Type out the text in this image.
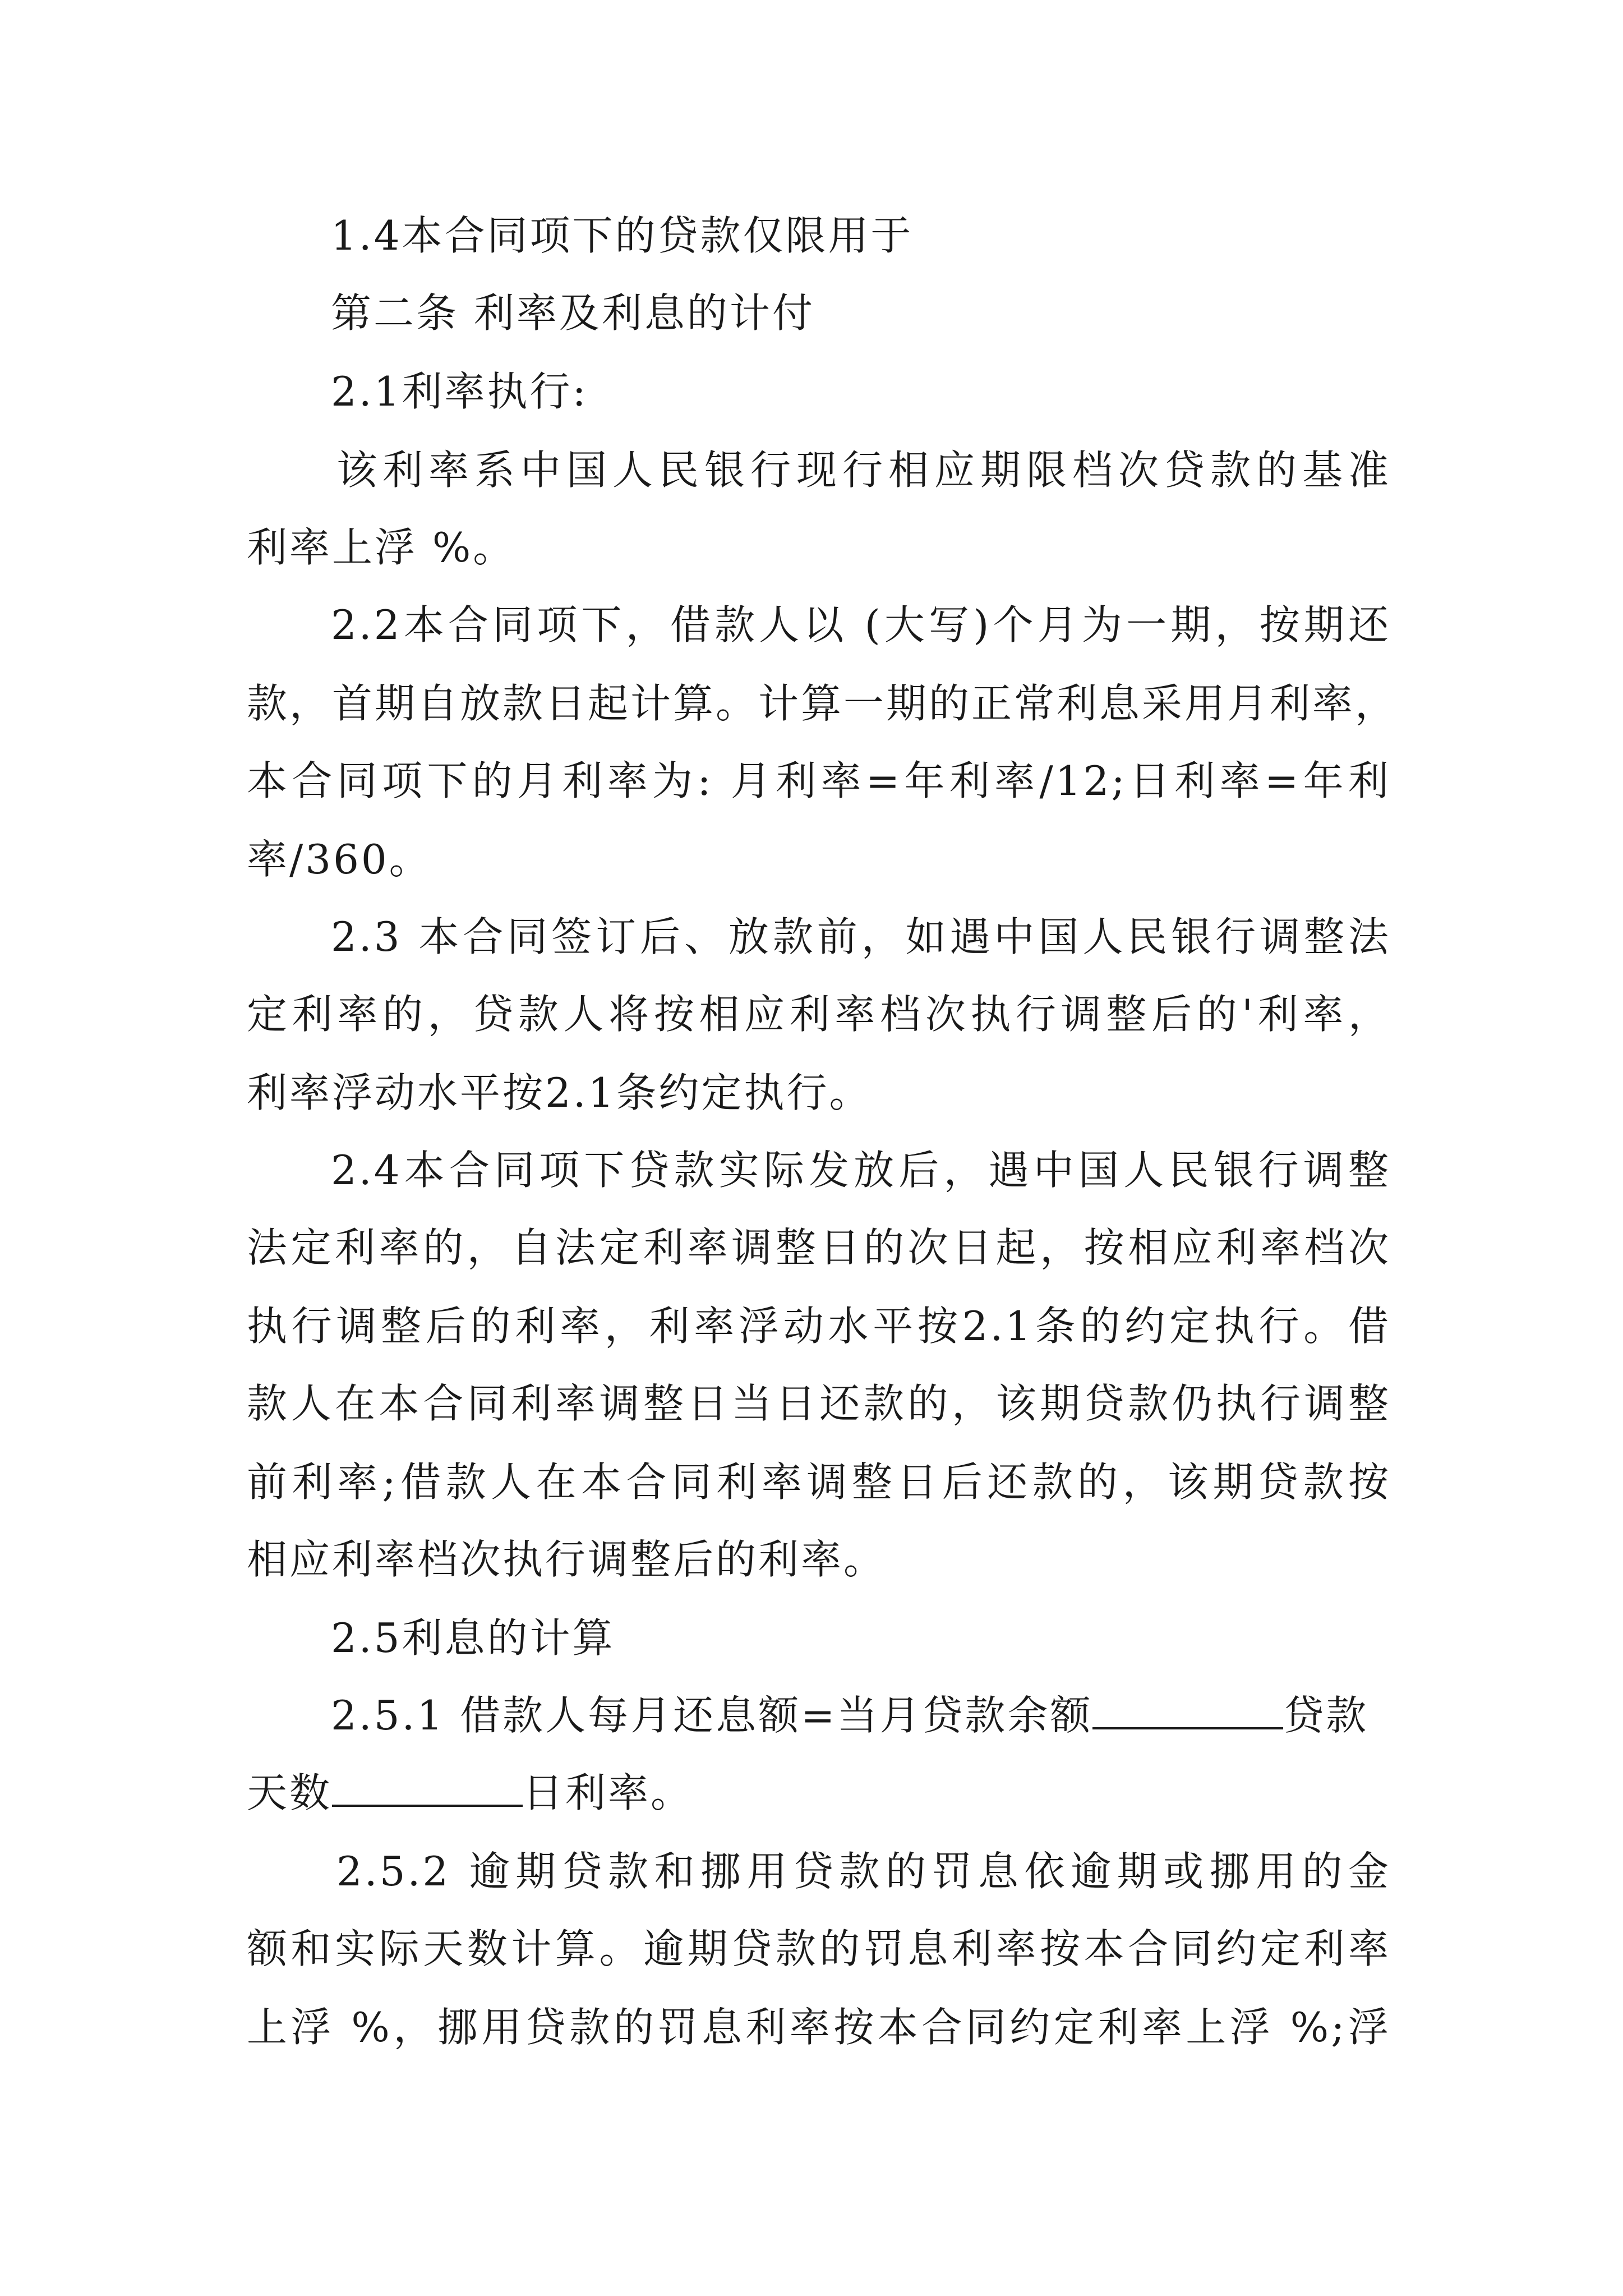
1.4本合同项下的贷款仅限用于
第二条 利率及利息的计付
2.1利率执行:
该利率系中国人民银行现行相应期限档次贷款的基准
利率上浮 %。
2.2本合同项下，借款人以 (大写)个月为一期，按期还
款，首期自放款日起计算。计算一期的正常利息采用月利率，
本合同项下的月利率为: 月利率=年利率/12;日利率=年利
率/360。
2.3 本合同签订后、放款前，如遇中国人民银行调整法
定利率的，贷款人将按相应利率档次执行调整后的'利率，
利率浮动水平按2.1条约定执行。
2.4本合同项下贷款实际发放后，遇中国人民银行调整
法定利率的，自法定利率调整日的次日起，按相应利率档次
执行调整后的利率，利率浮动水平按2.1条的约定执行。借
款人在本合同利率调整日当日还款的，该期贷款仍执行调整
前利率;借款人在本合同利率调整日后还款的，该期贷款按
相应利率档次执行调整后的利率。
2.5利息的计算
2.5.1 借款人每月还息额=当月贷款余额	贷款
天数	日利率。
2.5.2 逾期贷款和挪用贷款的罚息依逾期或挪用的金
额和实际天数计算。逾期贷款的罚息利率按本合同约定利率
上浮 %，挪用贷款的罚息利率按本合同约定利率上浮 %;浮
